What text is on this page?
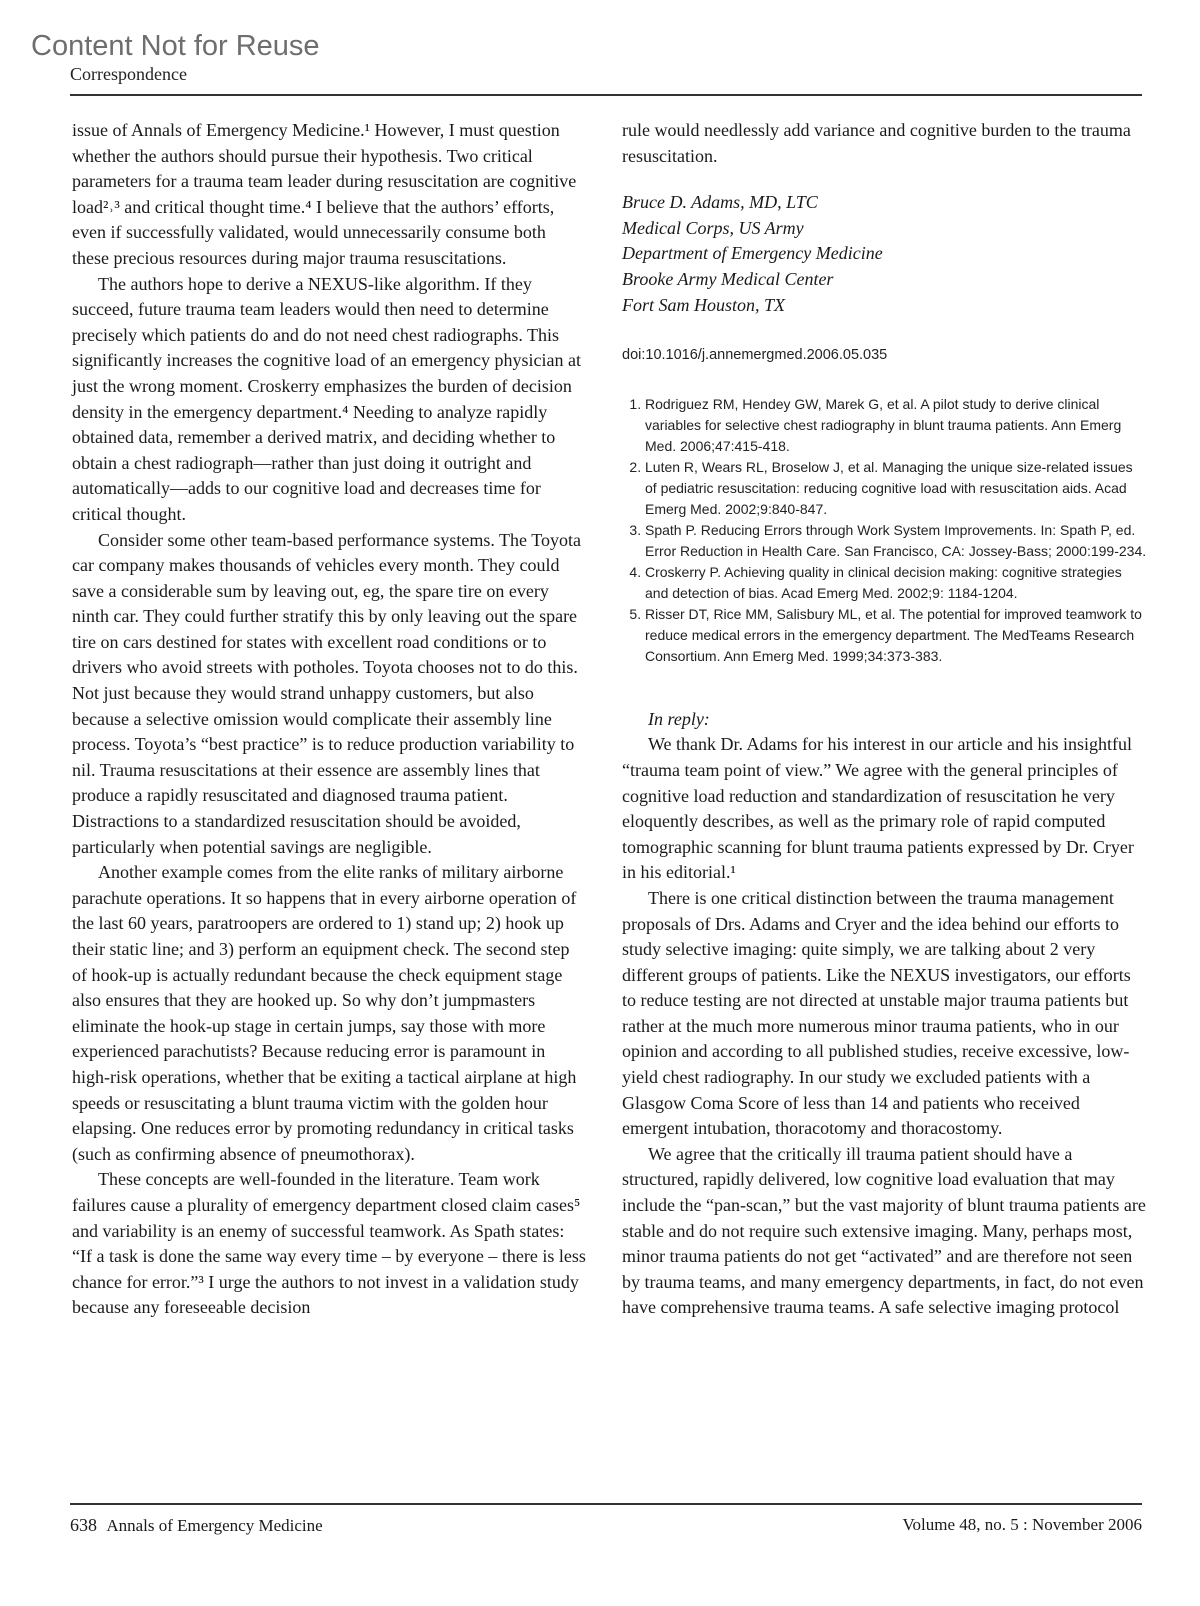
Content Not for Reuse
Correspondence

issue of Annals of Emergency Medicine.¹ However, I must question whether the authors should pursue their hypothesis. Two critical parameters for a trauma team leader during resuscitation are cognitive load²˒³ and critical thought time.⁴ I believe that the authors’ efforts, even if successfully validated, would unnecessarily consume both these precious resources during major trauma resuscitations.

The authors hope to derive a NEXUS-like algorithm. If they succeed, future trauma team leaders would then need to determine precisely which patients do and do not need chest radiographs. This significantly increases the cognitive load of an emergency physician at just the wrong moment. Croskerry emphasizes the burden of decision density in the emergency department.⁴ Needing to analyze rapidly obtained data, remember a derived matrix, and deciding whether to obtain a chest radiograph—rather than just doing it outright and automatically—adds to our cognitive load and decreases time for critical thought.

Consider some other team-based performance systems. The Toyota car company makes thousands of vehicles every month. They could save a considerable sum by leaving out, eg, the spare tire on every ninth car. They could further stratify this by only leaving out the spare tire on cars destined for states with excellent road conditions or to drivers who avoid streets with potholes. Toyota chooses not to do this. Not just because they would strand unhappy customers, but also because a selective omission would complicate their assembly line process. Toyota’s “best practice” is to reduce production variability to nil. Trauma resuscitations at their essence are assembly lines that produce a rapidly resuscitated and diagnosed trauma patient. Distractions to a standardized resuscitation should be avoided, particularly when potential savings are negligible.

Another example comes from the elite ranks of military airborne parachute operations. It so happens that in every airborne operation of the last 60 years, paratroopers are ordered to 1) stand up; 2) hook up their static line; and 3) perform an equipment check. The second step of hook-up is actually redundant because the check equipment stage also ensures that they are hooked up. So why don’t jumpmasters eliminate the hook-up stage in certain jumps, say those with more experienced parachutists? Because reducing error is paramount in high-risk operations, whether that be exiting a tactical airplane at high speeds or resuscitating a blunt trauma victim with the golden hour elapsing. One reduces error by promoting redundancy in critical tasks (such as confirming absence of pneumothorax).

These concepts are well-founded in the literature. Team work failures cause a plurality of emergency department closed claim cases⁵ and variability is an enemy of successful teamwork. As Spath states: “If a task is done the same way every time – by everyone – there is less chance for error.”³ I urge the authors to not invest in a validation study because any foreseeable decision

rule would needlessly add variance and cognitive burden to the trauma resuscitation.

Bruce D. Adams, MD, LTC
Medical Corps, US Army
Department of Emergency Medicine
Brooke Army Medical Center
Fort Sam Houston, TX
doi:10.1016/j.annemergmed.2006.05.035
1. Rodriguez RM, Hendey GW, Marek G, et al. A pilot study to derive clinical variables for selective chest radiography in blunt trauma patients. Ann Emerg Med. 2006;47:415-418.
2. Luten R, Wears RL, Broselow J, et al. Managing the unique size-related issues of pediatric resuscitation: reducing cognitive load with resuscitation aids. Acad Emerg Med. 2002;9:840-847.
3. Spath P. Reducing Errors through Work System Improvements. In: Spath P, ed. Error Reduction in Health Care. San Francisco, CA: Jossey-Bass; 2000:199-234.
4. Croskerry P. Achieving quality in clinical decision making: cognitive strategies and detection of bias. Acad Emerg Med. 2002;9: 1184-1204.
5. Risser DT, Rice MM, Salisbury ML, et al. The potential for improved teamwork to reduce medical errors in the emergency department. The MedTeams Research Consortium. Ann Emerg Med. 1999;34:373-383.
In reply:

We thank Dr. Adams for his interest in our article and his insightful “trauma team point of view.” We agree with the general principles of cognitive load reduction and standardization of resuscitation he very eloquently describes, as well as the primary role of rapid computed tomographic scanning for blunt trauma patients expressed by Dr. Cryer in his editorial.¹

There is one critical distinction between the trauma management proposals of Drs. Adams and Cryer and the idea behind our efforts to study selective imaging: quite simply, we are talking about 2 very different groups of patients. Like the NEXUS investigators, our efforts to reduce testing are not directed at unstable major trauma patients but rather at the much more numerous minor trauma patients, who in our opinion and according to all published studies, receive excessive, low-yield chest radiography. In our study we excluded patients with a Glasgow Coma Score of less than 14 and patients who received emergent intubation, thoracotomy and thoracostomy.

We agree that the critically ill trauma patient should have a structured, rapidly delivered, low cognitive load evaluation that may include the “pan-scan,” but the vast majority of blunt trauma patients are stable and do not require such extensive imaging. Many, perhaps most, minor trauma patients do not get “activated” and are therefore not seen by trauma teams, and many emergency departments, in fact, do not even have comprehensive trauma teams. A safe selective imaging protocol

638 Annals of Emergency Medicine	Volume 48, no. 5 : November 2006
